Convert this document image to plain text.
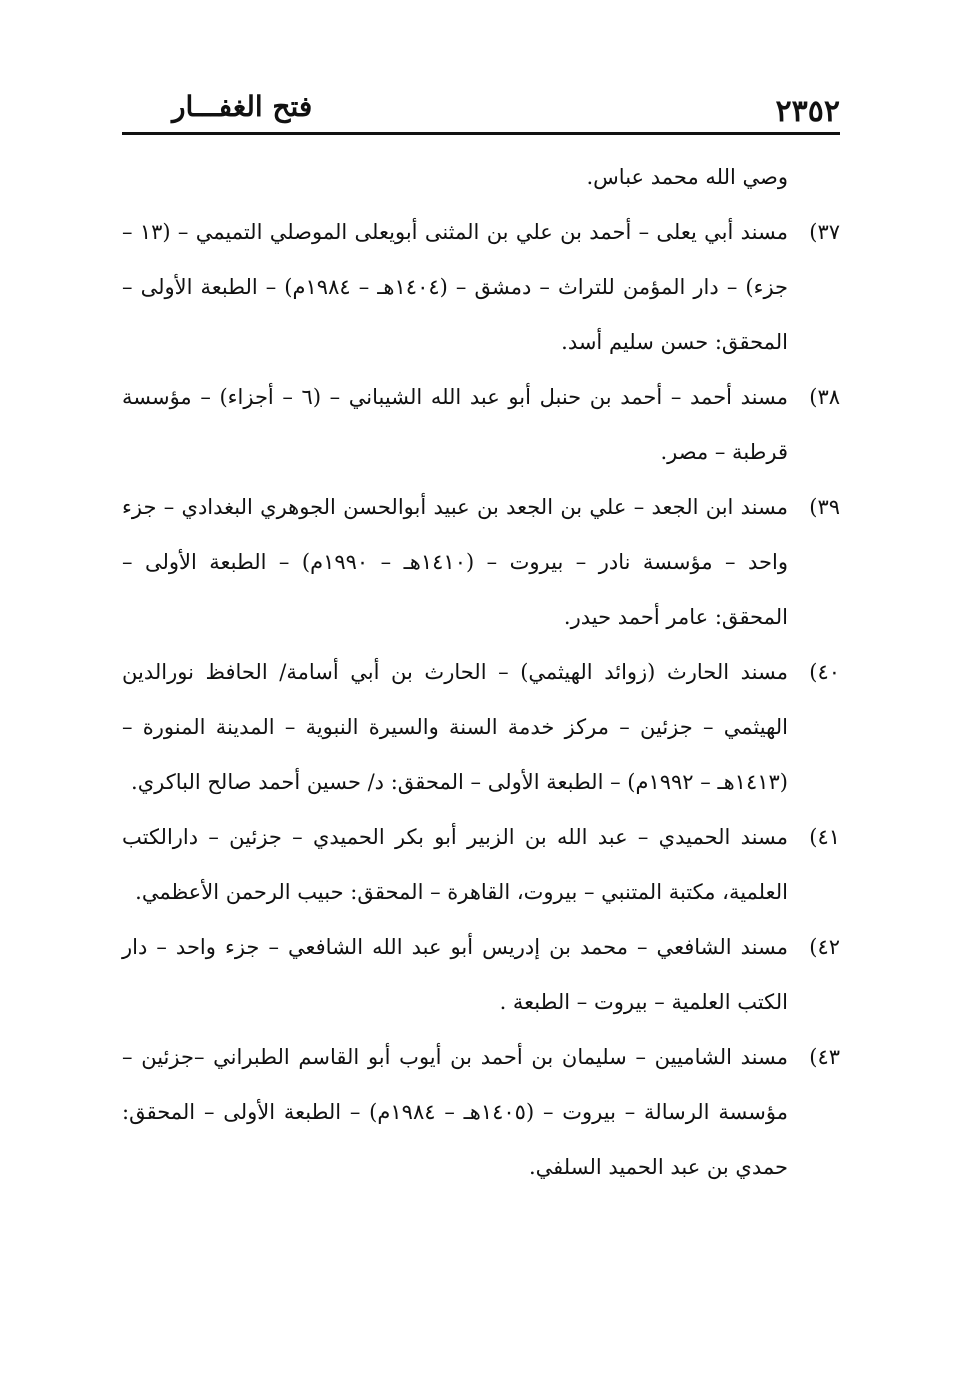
٢٣٥٢
فتح الغفـــار

وصي الله محمد عباس.

٣٧)
مسند أبي يعلى – أحمد بن علي بن المثنى أبويعلى الموصلي التميمي – (١٣ – جزء) – دار المؤمن للتراث – دمشق – (١٤٠٤هـ – ١٩٨٤م) – الطبعة الأولى – المحقق: حسن سليم أسد.

٣٨)
مسند أحمد – أحمد بن حنبل أبو عبد الله الشيباني – (٦ – أجزاء) – مؤسسة قرطبة – مصر.

٣٩)
مسند ابن الجعد – علي بن الجعد بن عبيد أبوالحسن الجوهري البغدادي – جزء واحد – مؤسسة نادر – بيروت – (١٤١٠هـ – ١٩٩٠م) – الطبعة الأولى – المحقق: عامر أحمد حيدر.

٤٠)
مسند الحارث (زوائد الهيثمي) – الحارث بن أبي أسامة/ الحافظ نورالدين الهيثمي – جزئين – مركز خدمة السنة والسيرة النبوية – المدينة المنورة – (١٤١٣هـ – ١٩٩٢م) – الطبعة الأولى – المحقق: د/ حسين أحمد صالح الباكري.

٤١)
مسند الحميدي – عبد الله بن الزبير أبو بكر الحميدي – جزئين – دارالكتب العلمية، مكتبة المتنبي – بيروت، القاهرة – المحقق: حبيب الرحمن الأعظمي.

٤٢)
مسند الشافعي – محمد بن إدريس أبو عبد الله الشافعي – جزء واحد – دار الكتب العلمية – بيروت – الطبعة .

٤٣)
مسند الشاميين – سليمان بن أحمد بن أيوب أبو القاسم الطبراني –جزئين – مؤسسة الرسالة – بيروت – (١٤٠٥هـ – ١٩٨٤م) – الطبعة الأولى – المحقق: حمدي بن عبد الحميد السلفي.
